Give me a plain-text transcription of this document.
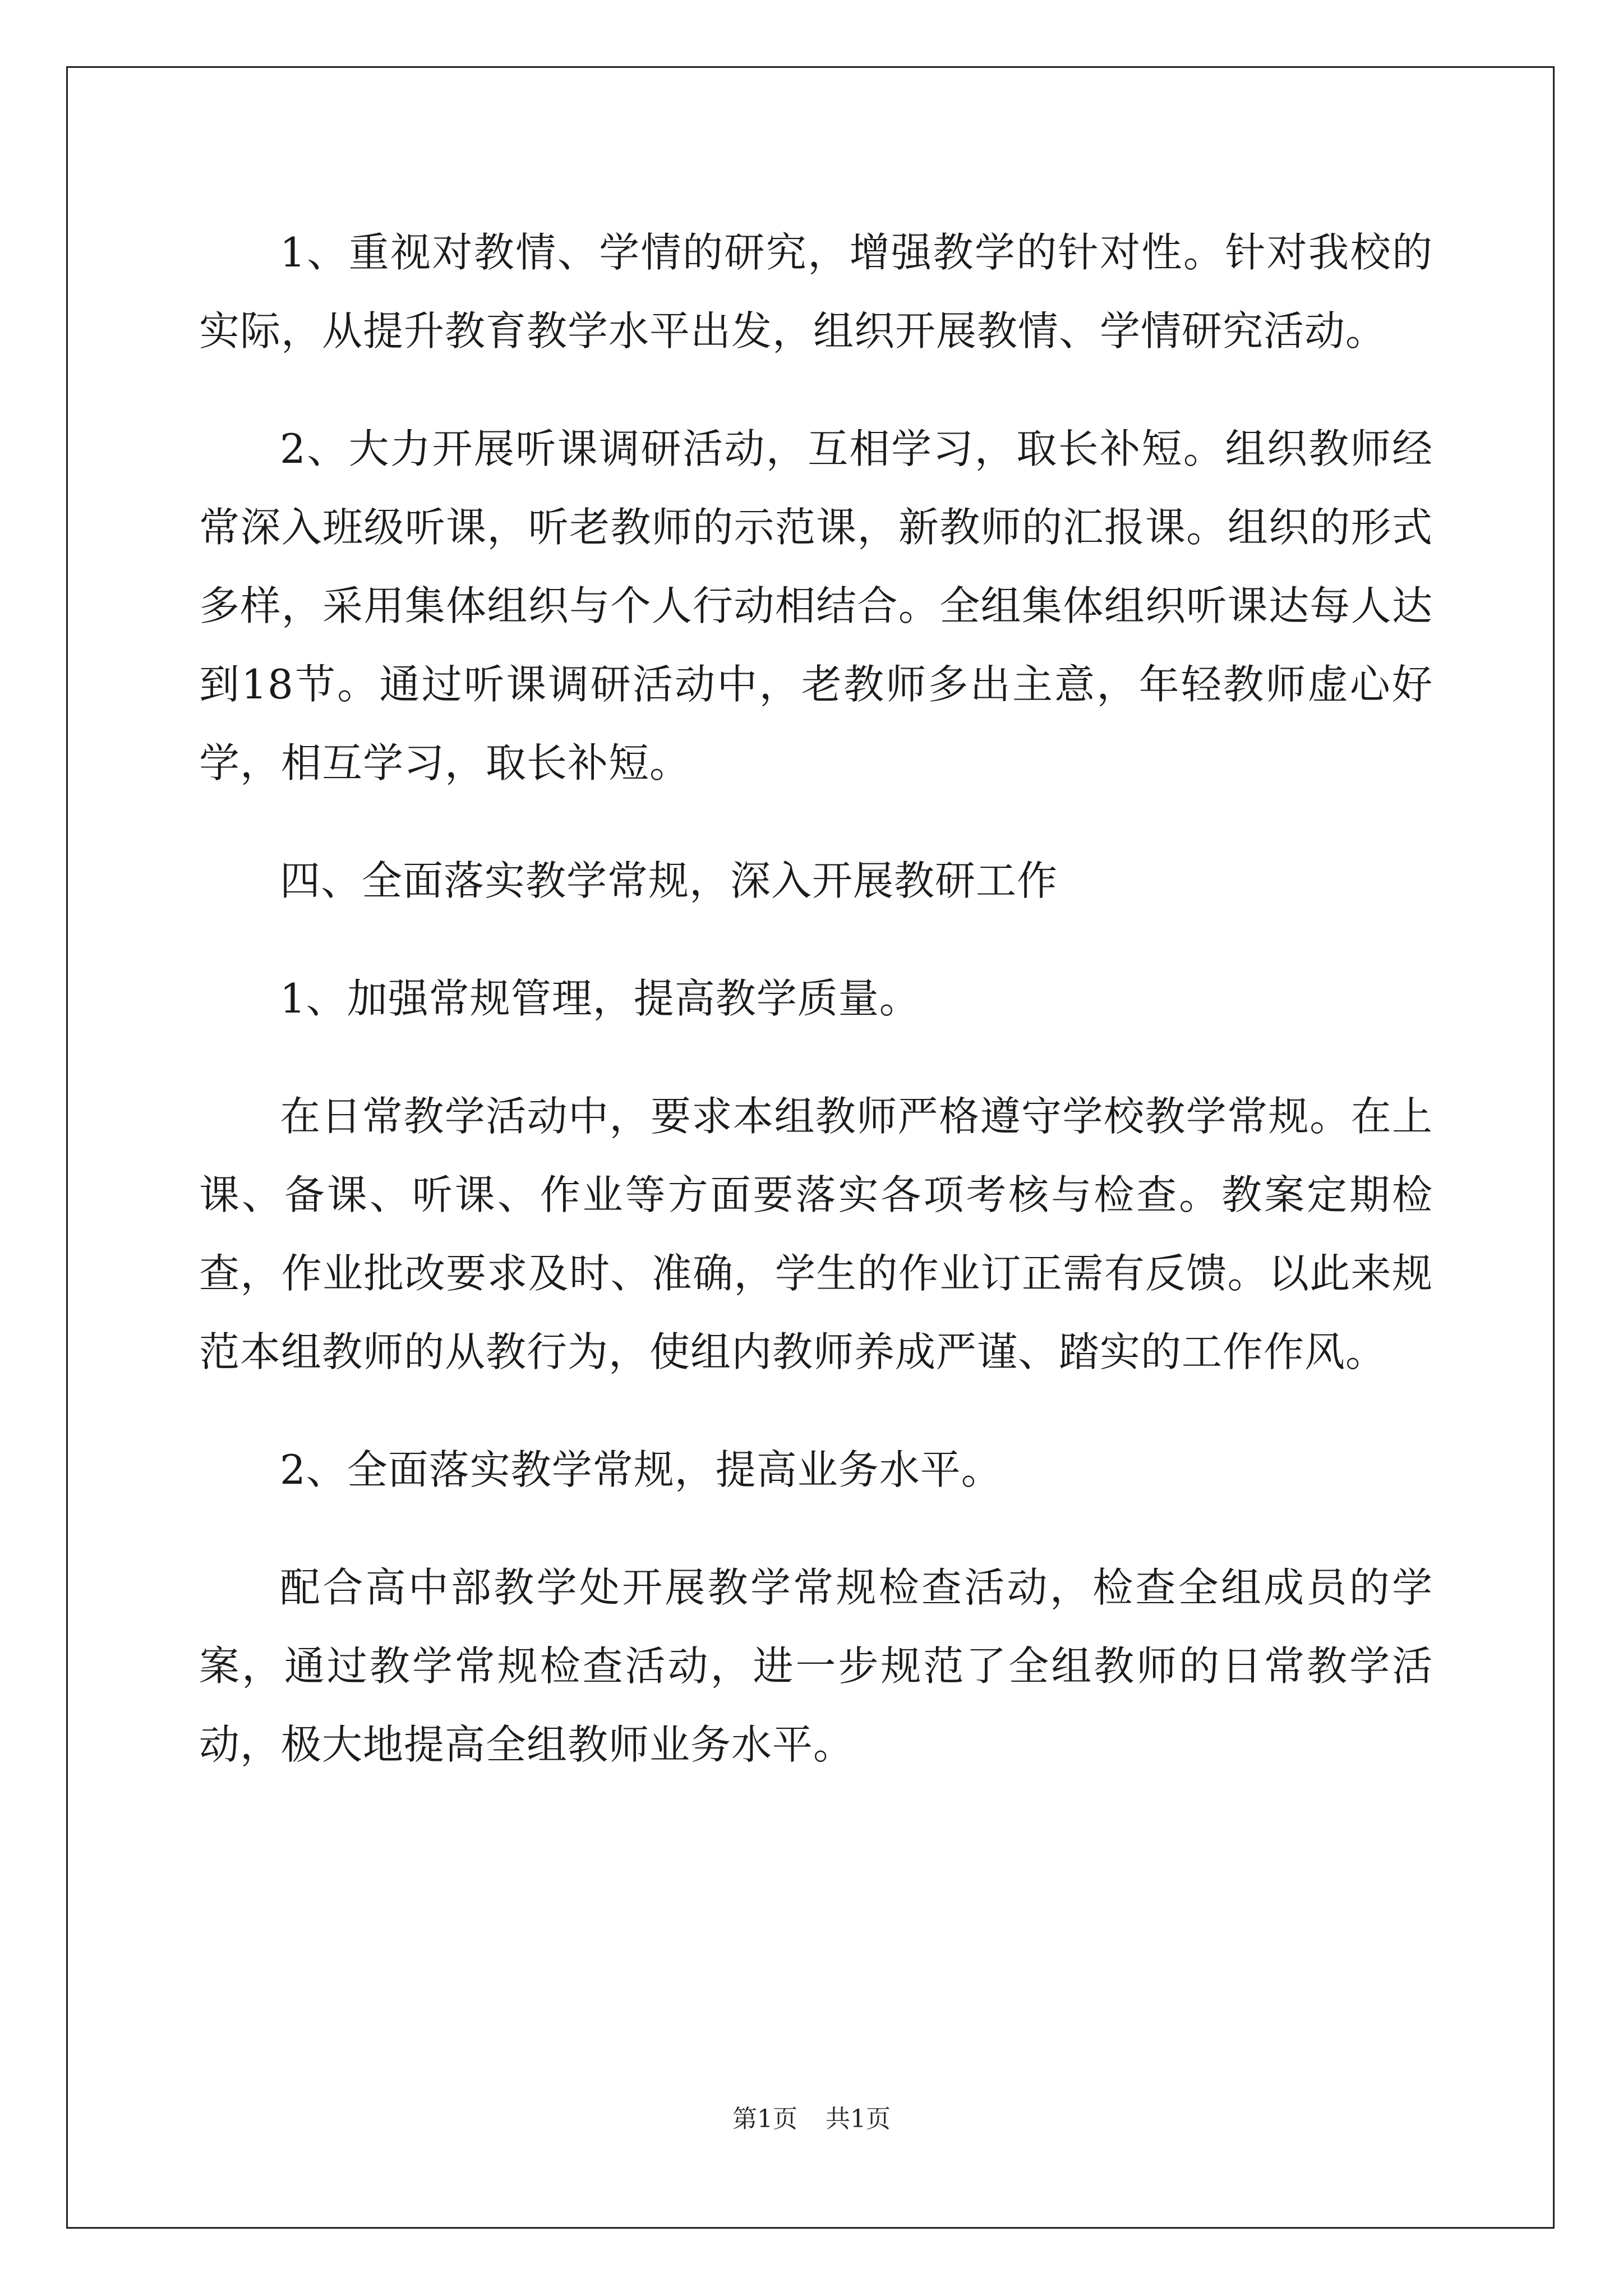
1、重视对教情、学情的研究，增强教学的针对性。针对我校的实际，从提升教育教学水平出发，组织开展教情、学情研究活动。

2、大力开展听课调研活动，互相学习，取长补短。组织教师经常深入班级听课，听老教师的示范课，新教师的汇报课。组织的形式多样，采用集体组织与个人行动相结合。全组集体组织听课达每人达到18节。通过听课调研活动中，老教师多出主意，年轻教师虚心好学，相互学习，取长补短。

四、全面落实教学常规，深入开展教研工作

1、加强常规管理，提高教学质量。

在日常教学活动中，要求本组教师严格遵守学校教学常规。在上课、备课、听课、作业等方面要落实各项考核与检查。教案定期检查，作业批改要求及时、准确，学生的作业订正需有反馈。以此来规范本组教师的从教行为，使组内教师养成严谨、踏实的工作作风。

2、全面落实教学常规，提高业务水平。

配合高中部教学处开展教学常规检查活动，检查全组成员的学案，通过教学常规检查活动，进一步规范了全组教师的日常教学活动，极大地提高全组教师业务水平。

第1页 共1页
